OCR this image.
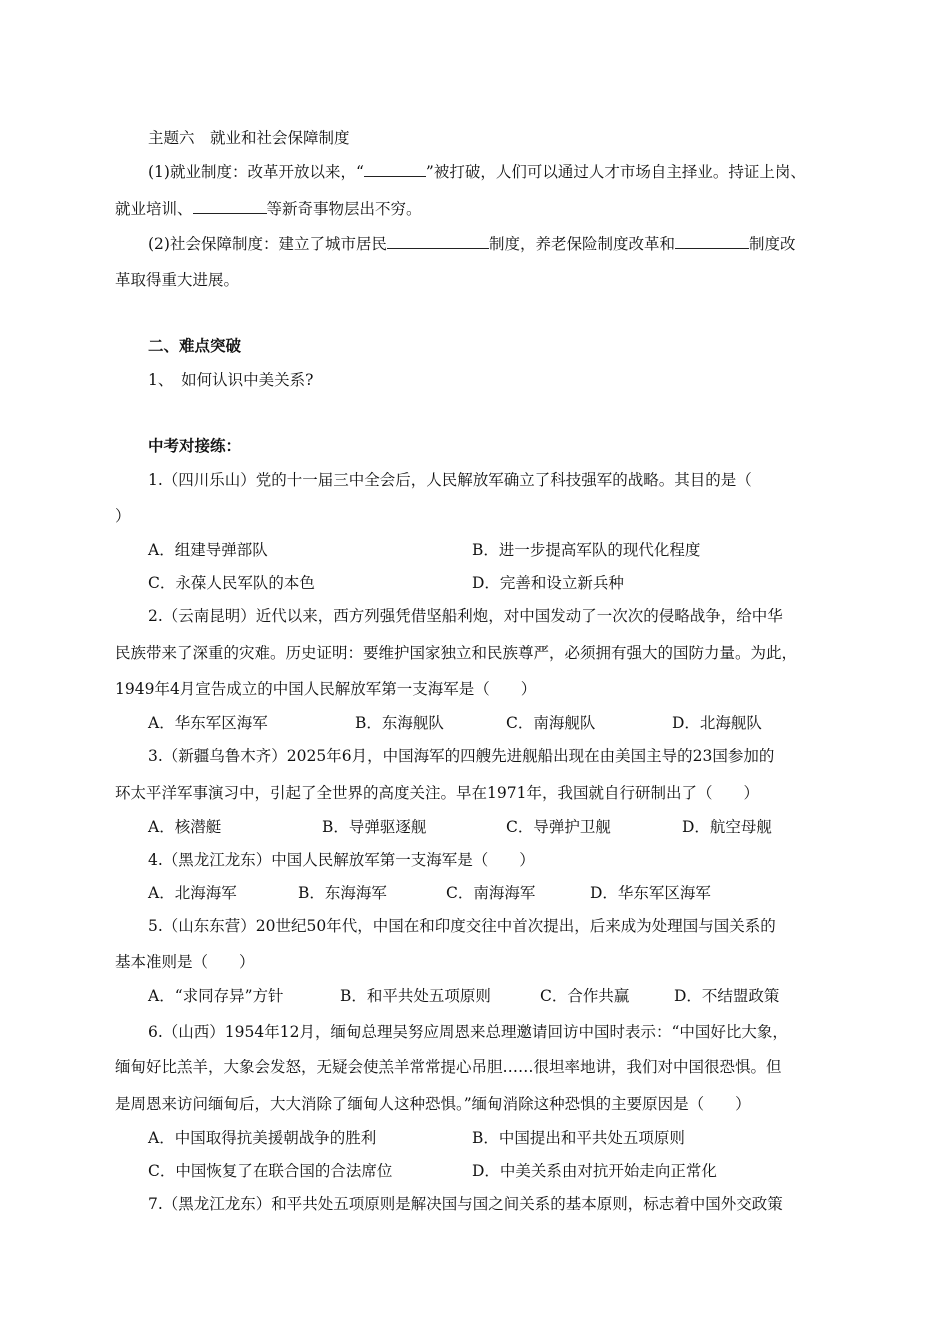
主题六　就业和社会保障制度
(1)就业制度：改革开放以来，“	”被打破，人们可以通过人才市场自主择业。持证上岗、
就业培训、	等新奇事物层出不穷。
(2)社会保障制度：建立了城市居民	制度，养老保险制度改革和	制度改
革取得重大进展。
二、难点突破
1、　如何认识中美关系?
中考对接练：
1.（四川乐山）党的十一届三中全会后，人民解放军确立了科技强军的战略。其目的是（
）
A．组建导弹部队	B．进一步提高军队的现代化程度
C．永葆人民军队的本色	D．完善和设立新兵种
2.（云南昆明）近代以来，西方列强凭借坚船利炮，对中国发动了一次次的侵略战争，给中华
民族带来了深重的灾难。历史证明：要维护国家独立和民族尊严，必须拥有强大的国防力量。为此，
1949年4月宣告成立的中国人民解放军第一支海军是（　　）
A．华东军区海军	B．东海舰队	C．南海舰队	D．北海舰队
3.（新疆乌鲁木齐）2025年6月，中国海军的四艘先进舰船出现在由美国主导的23国参加的
环太平洋军事演习中，引起了全世界的高度关注。早在1971年，我国就自行研制出了（　　）
A．核潜艇	B．导弹驱逐舰	C．导弹护卫舰	D．航空母舰
4.（黑龙江龙东）中国人民解放军第一支海军是（　　）
A．北海海军	B．东海海军	C．南海海军	D．华东军区海军
5.（山东东营）20世纪50年代，中国在和印度交往中首次提出，后来成为处理国与国关系的
基本准则是（　　）
A．“求同存异”方针	B．和平共处五项原则	C．合作共赢	D．不结盟政策
6.（山西）1954年12月，缅甸总理吴努应周恩来总理邀请回访中国时表示：“中国好比大象，
缅甸好比羔羊，大象会发怒，无疑会使羔羊常常提心吊胆……很坦率地讲，我们对中国很恐惧。但
是周恩来访问缅甸后，大大消除了缅甸人这种恐惧。”缅甸消除这种恐惧的主要原因是（　　）
A．中国取得抗美援朝战争的胜利	B．中国提出和平共处五项原则
C．中国恢复了在联合国的合法席位	D．中美关系由对抗开始走向正常化
7.（黑龙江龙东）和平共处五项原则是解决国与国之间关系的基本原则，标志着中国外交政策
